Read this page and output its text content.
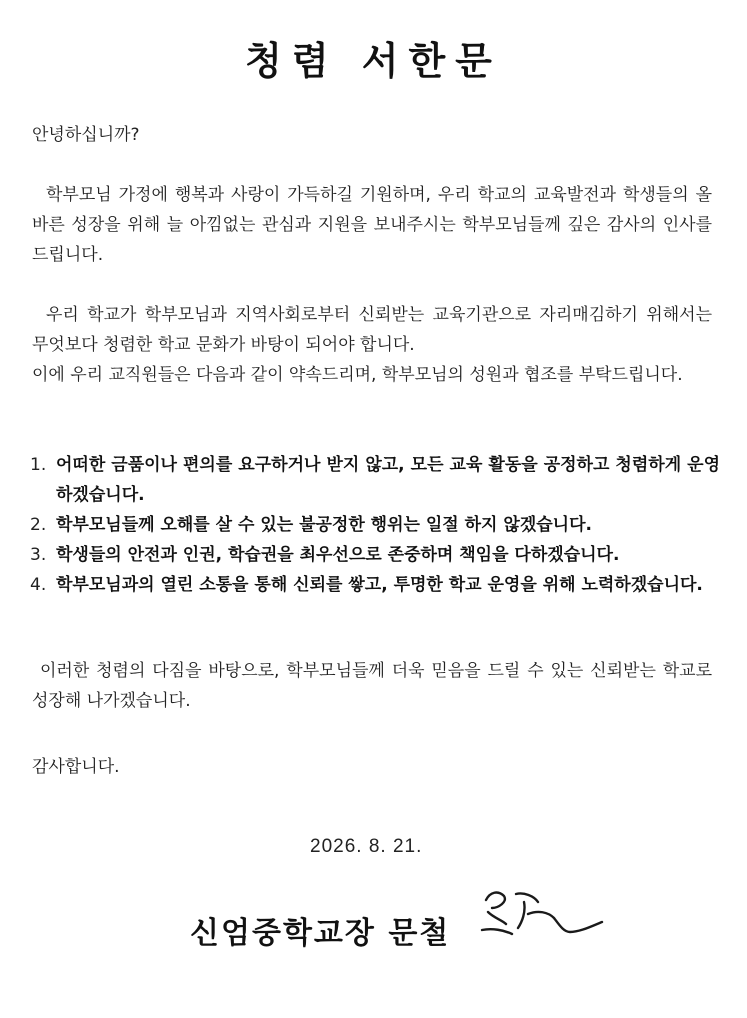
청렴 서한문
안녕하십니까?
학부모님 가정에 행복과 사랑이 가득하길 기원하며, 우리 학교의 교육발전과 학생들의 올바른 성장을 위해 늘 아낌없는 관심과 지원을 보내주시는 학부모님들께 깊은 감사의 인사를 드립니다.
우리 학교가 학부모님과 지역사회로부터 신뢰받는 교육기관으로 자리매김하기 위해서는 무엇보다 청렴한 학교 문화가 바탕이 되어야 합니다.
이에 우리 교직원들은 다음과 같이 약속드리며, 학부모님의 성원과 협조를 부탁드립니다.
1. 어떠한 금품이나 편의를 요구하거나 받지 않고, 모든 교육 활동을 공정하고 청렴하게 운영하겠습니다.
2. 학부모님들께 오해를 살 수 있는 불공정한 행위는 일절 하지 않겠습니다.
3. 학생들의 안전과 인권, 학습권을 최우선으로 존중하며 책임을 다하겠습니다.
4. 학부모님과의 열린 소통을 통해 신뢰를 쌓고, 투명한 학교 운영을 위해 노력하겠습니다.
이러한 청렴의 다짐을 바탕으로, 학부모님들께 더욱 믿음을 드릴 수 있는 신뢰받는 학교로 성장해 나가겠습니다.
감사합니다.
2026. 8. 21.
신엄중학교장 문철
